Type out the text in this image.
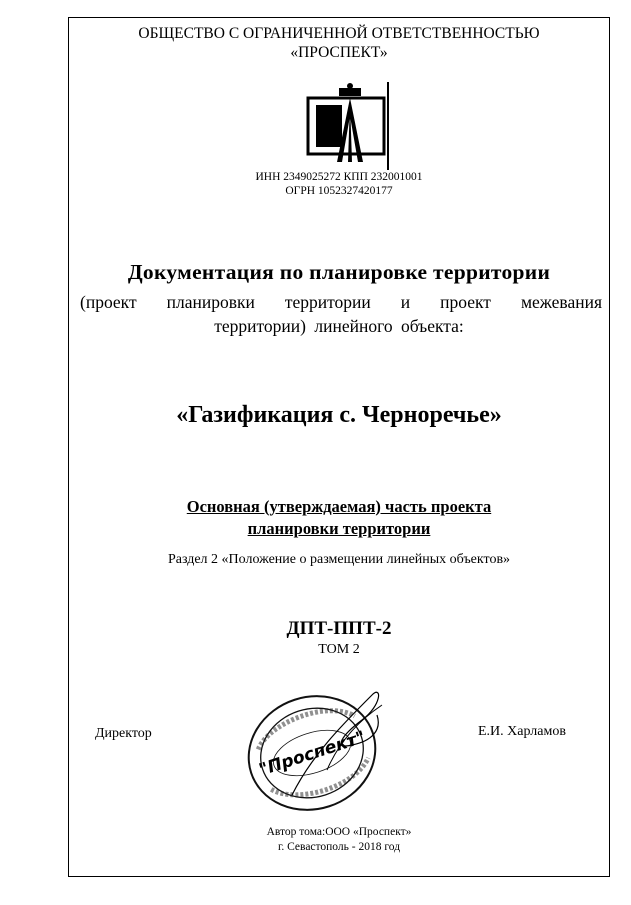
ОБЩЕСТВО С ОГРАНИЧЕННОЙ ОТВЕТСТВЕННОСТЬЮ
«ПРОСПЕКТ»
ИНН 2349025272 КПП 232001001
ОГРН 1052327420177
Документация по планировке территории
(проект планировки территории и проект межевания
территории) линейного объекта:
«Газификация с. Черноречье»
Основная (утверждаемая) часть проекта
планировки территории
Раздел 2 «Положение о размещении линейных объектов»
ДПТ-ППТ-2
ТОМ 2
Директор	Е.И. Харламов
"Проспект"
Автор тома:ООО «Проспект»
г. Севастополь - 2018 год
